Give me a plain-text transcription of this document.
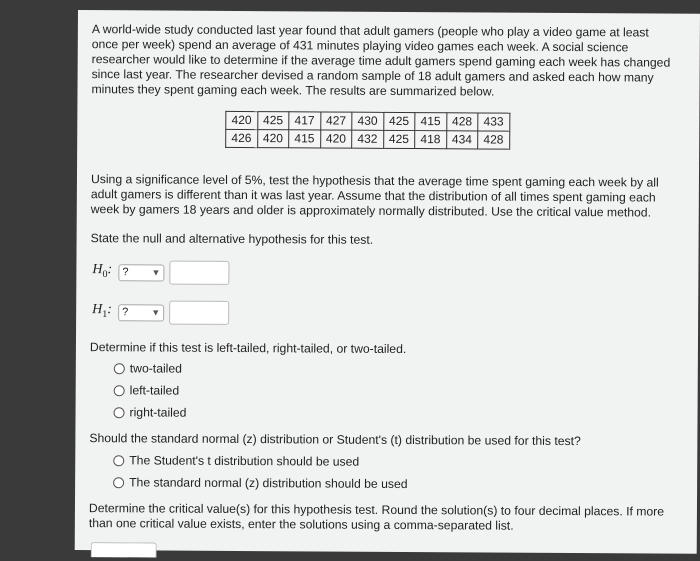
A world-wide study conducted last year found that adult gamers (people who play a video game at least once per week) spend an average of 431 minutes playing video games each week. A social science researcher would like to determine if the average time adult gamers spend gaming each week has changed since last year. The researcher devised a random sample of 18 adult gamers and asked each how many minutes they spent gaming each week. The results are summarized below.
420	425	417	427	430	425	415	428	433
426	420	415	420	432	425	418	434	428
Using a significance level of 5%, test the hypothesis that the average time spent gaming each week by all adult gamers is different than it was last year. Assume that the distribution of all times spent gaming each week by gamers 18 years and older is approximately normally distributed. Use the critical value method.
State the null and alternative hypothesis for this test.
$H_0$: ?	▼
$H_1$: ?	▼
Determine if this test is left-tailed, right-tailed, or two-tailed.
two-tailed
left-tailed
right-tailed
Should the standard normal (z) distribution or Student's (t) distribution be used for this test?
The Student's t distribution should be used
The standard normal (z) distribution should be used
Determine the critical value(s) for this hypothesis test. Round the solution(s) to four decimal places. If more than one critical value exists, enter the solutions using a comma-separated list.
